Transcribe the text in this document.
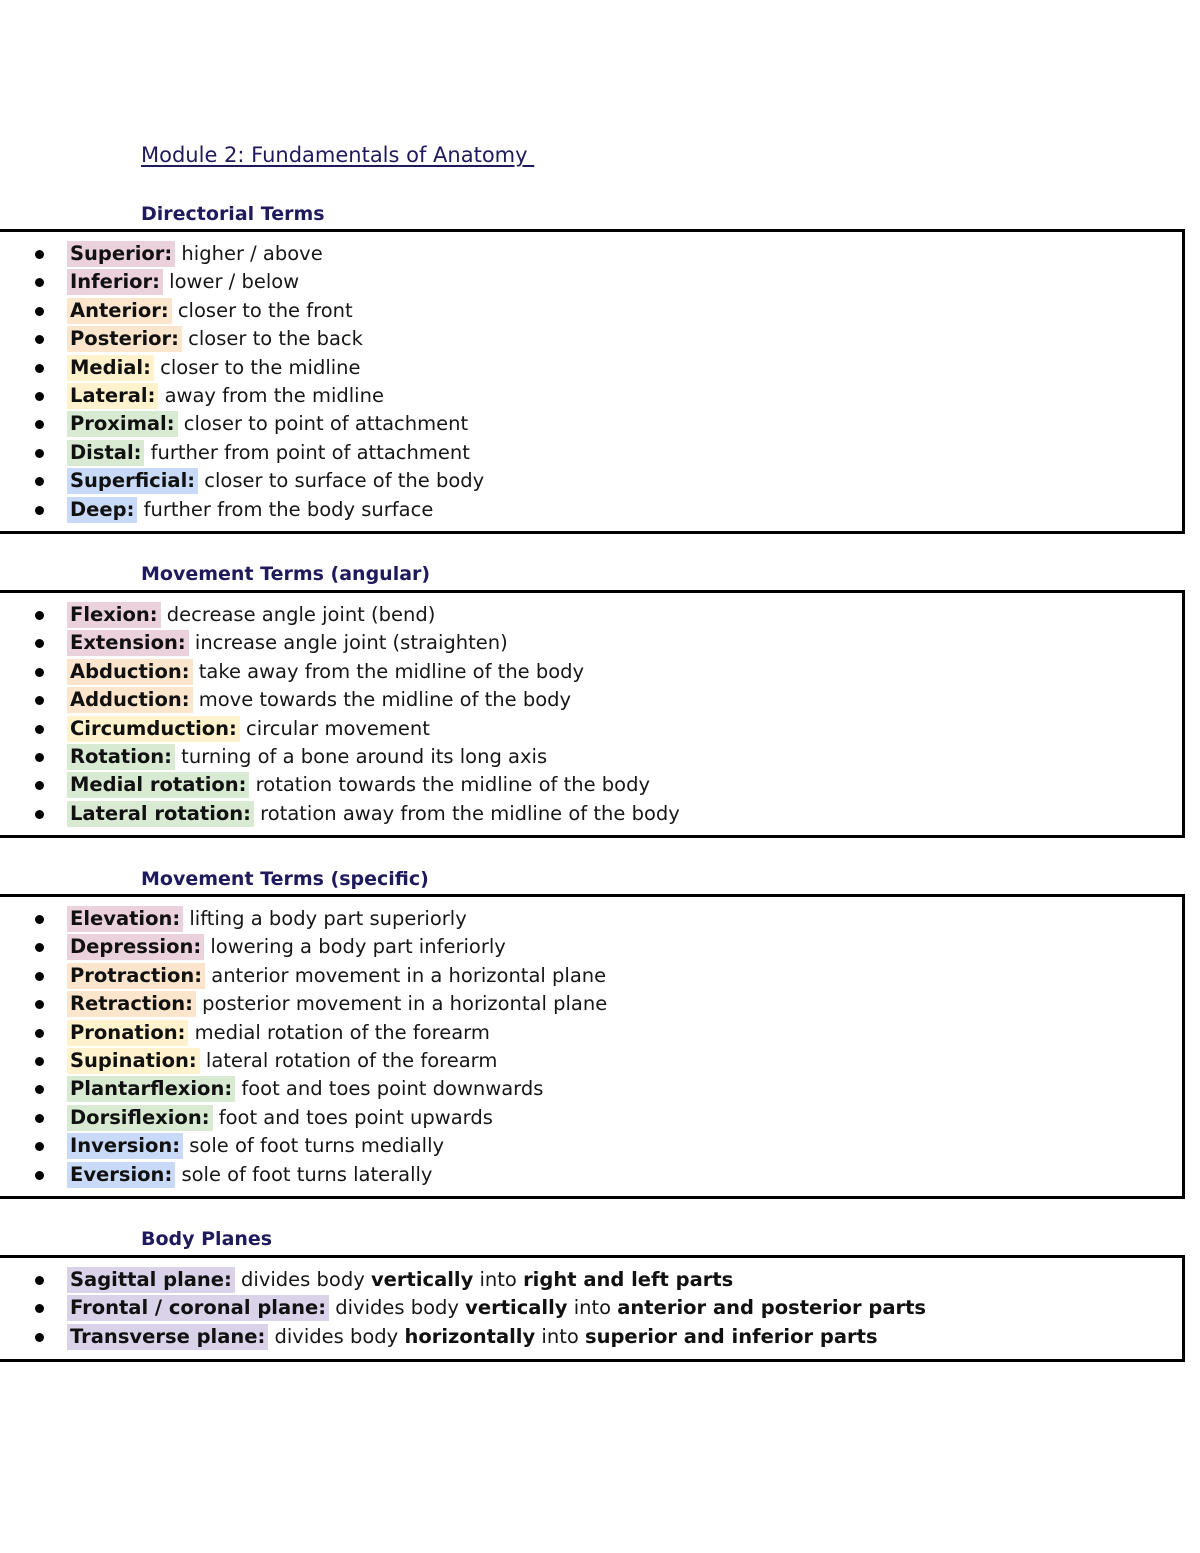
Module 2: Fundamentals of Anatomy
Directorial Terms
Superior: higher / above
Inferior: lower / below
Anterior: closer to the front
Posterior: closer to the back
Medial: closer to the midline
Lateral: away from the midline
Proximal: closer to point of attachment
Distal: further from point of attachment
Superficial: closer to surface of the body
Deep: further from the body surface
Movement Terms (angular)
Flexion: decrease angle joint (bend)
Extension: increase angle joint (straighten)
Abduction: take away from the midline of the body
Adduction: move towards the midline of the body
Circumduction: circular movement
Rotation: turning of a bone around its long axis
Medial rotation: rotation towards the midline of the body
Lateral rotation: rotation away from the midline of the body
Movement Terms (specific)
Elevation: lifting a body part superiorly
Depression: lowering a body part inferiorly
Protraction: anterior movement in a horizontal plane
Retraction: posterior movement in a horizontal plane
Pronation: medial rotation of the forearm
Supination: lateral rotation of the forearm
Plantarflexion: foot and toes point downwards
Dorsiflexion: foot and toes point upwards
Inversion: sole of foot turns medially
Eversion: sole of foot turns laterally
Body Planes
Sagittal plane: divides body vertically into right and left parts
Frontal / coronal plane: divides body vertically into anterior and posterior parts
Transverse plane: divides body horizontally into superior and inferior parts
